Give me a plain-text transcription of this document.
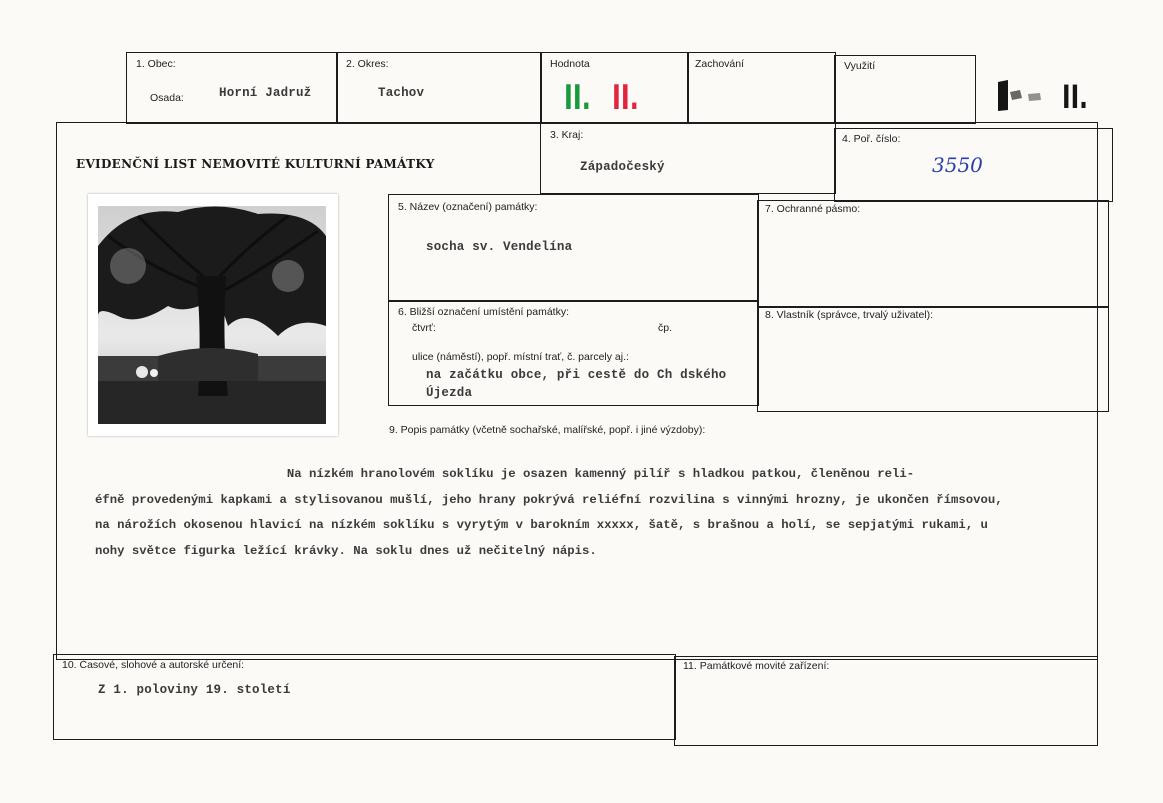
1. Obec:
Osada:	Horní Jadruž
2. Okres:
Tachov
Hodnota
II. II.
Zachování	Využití
II.
EVIDENČNÍ LIST NEMOVITÉ KULTURNÍ PAMÁTKY
3. Kraj:
Západočeský
4. Poř. číslo:
3550
5. Název (označení) památky:
socha sv. Vendelína
7. Ochranné pásmo:
6. Bližší označení umístění památky:
čtvrť:	čp.
ulice (náměstí), popř. místní trať, č. parcely aj.:
na začátku obce, při cestě do Ch dského
Újezda
8. Vlastník (správce, trvalý uživatel):
9. Popis památky (včetně sochařské, malířské, popř. i jiné výzdoby):
Na nízkém hranolovém soklíku je osazen kamenný pilíř s hladkou patkou, členěnou reli-
éfně provedenými kapkami a stylisovanou mušlí, jeho hrany pokrývá reliéfní rozvilina s vinnými hrozny, je ukončen římsovou,
na nárožích okosenou hlavicí na nízkém soklíku s vyrytým v barokním xxxxx, šatě, s brašnou a holí, se sepjatými rukami, u
nohy světce figurka ležící krávky. Na soklu dnes už nečitelný nápis.
10. Časové, slohové a autorské určení:
Z 1. poloviny 19. století
11. Památkové movité zařízení:
